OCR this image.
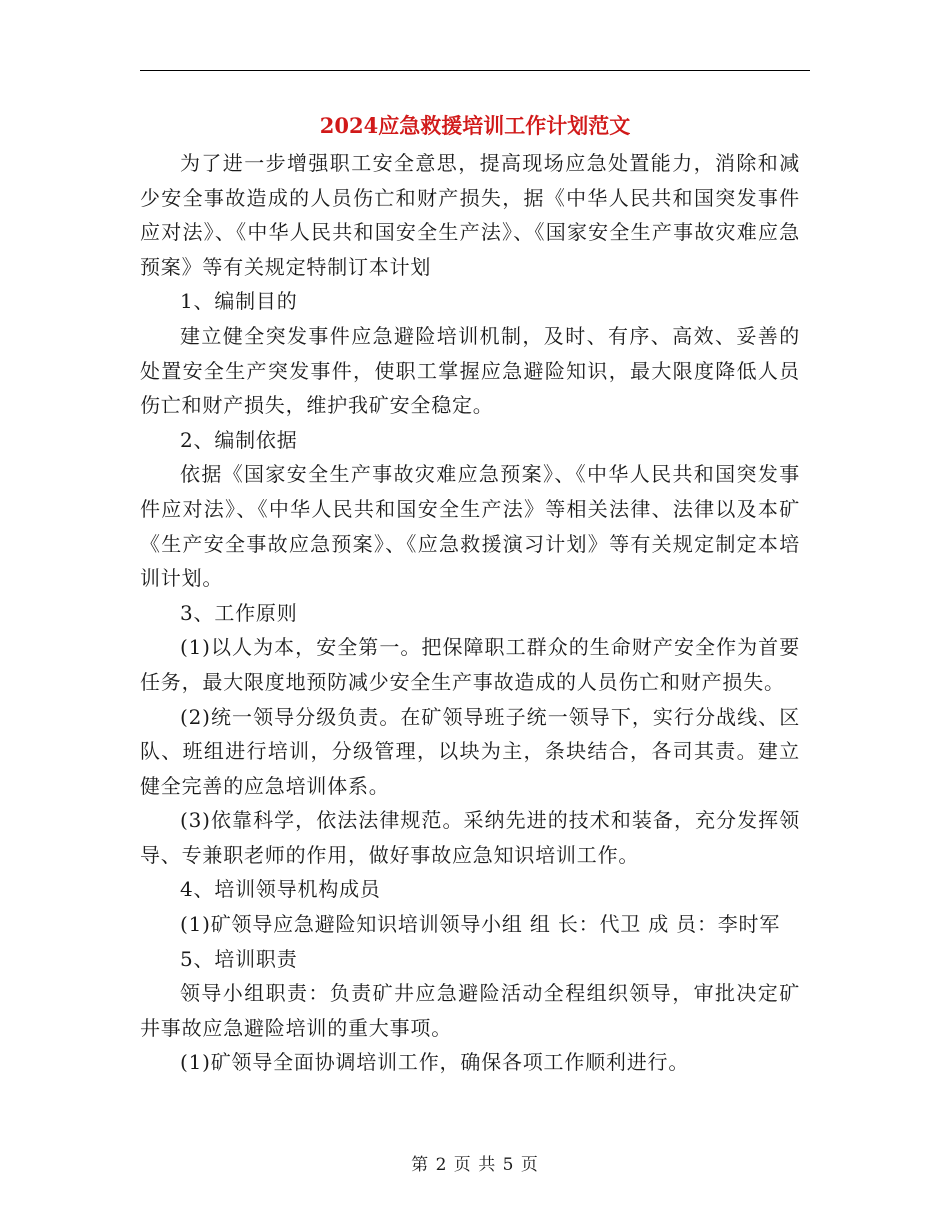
2024应急救援培训工作计划范文

为了进一步增强职工安全意思，提高现场应急处置能力，消除和减少安全事故造成的人员伤亡和财产损失，据《中华人民共和国突发事件应对法》、《中华人民共和国安全生产法》、《国家安全生产事故灾难应急预案》等有关规定特制订本计划

1、编制目的

建立健全突发事件应急避险培训机制，及时、有序、高效、妥善的处置安全生产突发事件，使职工掌握应急避险知识，最大限度降低人员伤亡和财产损失，维护我矿安全稳定。

2、编制依据

依据《国家安全生产事故灾难应急预案》、《中华人民共和国突发事件应对法》、《中华人民共和国安全生产法》等相关法律、法律以及本矿《生产安全事故应急预案》、《应急救援演习计划》等有关规定制定本培训计划。

3、工作原则

(1)以人为本，安全第一。把保障职工群众的生命财产安全作为首要任务，最大限度地预防减少安全生产事故造成的人员伤亡和财产损失。

(2)统一领导分级负责。在矿领导班子统一领导下，实行分战线、区队、班组进行培训，分级管理，以块为主，条块结合，各司其责。建立健全完善的应急培训体系。

(3)依靠科学，依法法律规范。采纳先进的技术和装备，充分发挥领导、专兼职老师的作用，做好事故应急知识培训工作。

4、培训领导机构成员

(1)矿领导应急避险知识培训领导小组 组 长：代卫 成 员：李时军

5、培训职责

领导小组职责：负责矿井应急避险活动全程组织领导，审批决定矿井事故应急避险培训的重大事项。

(1)矿领导全面协调培训工作，确保各项工作顺利进行。

第 2 页 共 5 页
